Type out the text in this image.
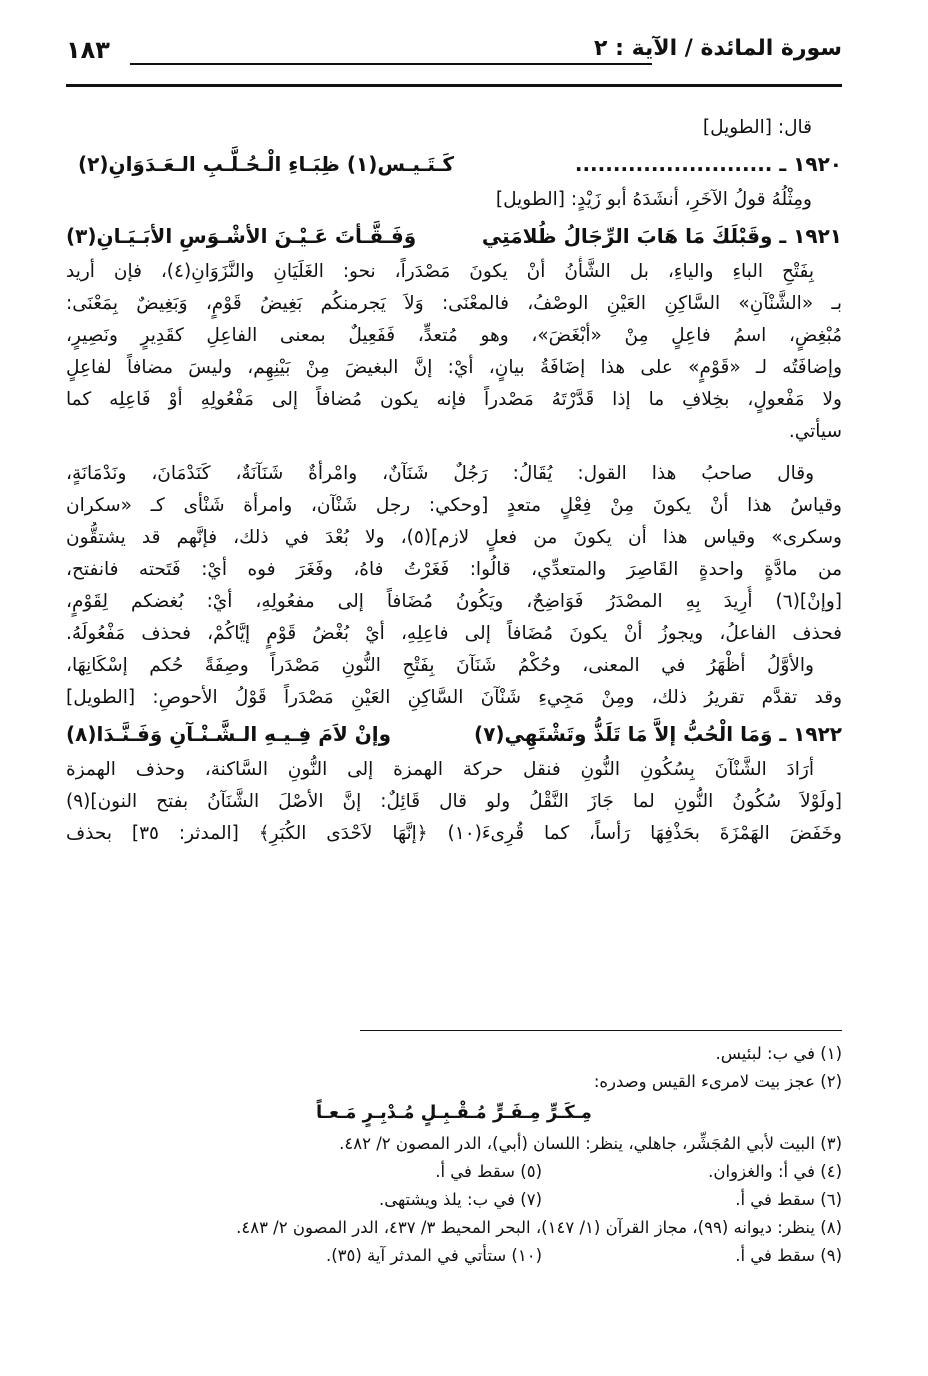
سورة المائدة / الآية : ٢
١٨٣
قال: [الطويل]
١٩٢٠ ـ ..........................
كَـتَـيـس(١) ظِبَـاءِ الْـحُـلَّـبِ الـعَـدَوَانِ(٢)
ومِثْلُهُ قولُ الآخَرِ، أنشَدَهُ أبو زَيْدٍ: [الطويل]
١٩٢١ ـ وقَبْلَكَ مَا هَابَ الرِّجَالُ ظُلامَتِي
وَفَـقَّـأتَ عَـيْـنَ الأشْـوَسِ الأبَـيَـانِ(٣)
بِفَتْحِ الباءِ والياءِ، بل الشَّأْنُ أنْ يكونَ مَصْدَراً، نحو: الغَلَيَانِ والنَّزَوَانِ(٤)، فإن أريد
بـ «الشَّنْآنِ» السَّاكِنِ العَيْنِ الوصْفُ، فالمعْنَى: وَلاَ يَجرمنكُم بَغِيضُ قَوْمٍ، وَبَغِيضٌ بِمَعْنَى:
مُبْغِضٍ، اسمُ فاعِلٍ مِنْ «أبْغَضَ»، وهو مُتعدٍّ، فَفَعِيلٌ بمعنى الفاعِلِ كقَدِيرٍ ونَصِيرٍ،
وإضافَتُه لـ «قَوْمٍ» على هذا إضَافَةُ بيانٍ، أيْ: إنَّ البغيضَ مِنْ بَيْنِهِم، وليسَ مضافاً لفاعِلٍ
ولا مَفْعولٍ، بخِلافِ ما إذا قَدَّرْتَهُ مَصْدراً فإنه يكون مُضافاً إلى مَفْعُولِهِ أوْ فَاعِلِه كما
سيأتي.
وقال صاحبُ هذا القول: يُقَالُ: رَجُلٌ شَنَآنٌ، وامْرأةٌ شَنَآنَةٌ، كَنَدْمَانَ، ونَدْمَانَةٍ،
وقياسُ هذا أنْ يكونَ مِنْ فِعْلٍ متعدٍ [وحكي: رجل شَنْآن، وامرأة شَنْأى كـ «سكران
وسكرى» وقياس هذا أن يكونَ من فعلٍ لازم](٥)، ولا بُعْدَ في ذلك، فإنَّهم قد يشتقُّون
من مادَّةٍ واحدةٍ القَاصِرَ والمتعدِّي، قالُوا: فَغَرْتُ فاهُ، وفَغَرَ فوه أيْ: فَتَحته فانفتح،
[وإنْ](٦) أُرِيدَ بِهِ المصْدَرُ فَوَاضِحٌ، ويَكُونُ مُضَافاً إلى مفعُولِهِ، أيْ: بُغضكم لِقَوْمٍ،
فحذف الفاعلُ، ويجوزُ أنْ يكونَ مُضَافاً إلى فاعِلِهِ، أيْ بُغْضُ قَوْمٍ إيَّاكُمْ، فحذف مَفْعُولَهُ.
والأوَّلُ أظْهَرُ في المعنى، وحُكْمُ شَنَآنَ بِفَتْحِ النُّونِ مَصْدَراً وصِفَةً حُكم إسْكَانِهَا،
وقد تقدَّم تقريرُ ذلك، ومِنْ مَجِيءِ شَنْآنَ السَّاكِنِ العَيْنِ مَصْدَراً قَوْلُ الأحوصِ: [الطويل]
١٩٢٢ ـ وَمَا الْحُبُّ إلاَّ مَا تَلَذُّ وتَشْتَهِي(٧)
وإنْ لاَمَ فِـيـهِ الـشَّـنْـآنِ وَفَـنَّـدَا(٨)
أرَادَ الشَّنْآنَ بِسُكُونِ النُّونِ فنقل حركة الهمزة إلى النُّونِ السَّاكنة، وحذف الهمزة
[ولَوْلاَ سُكُونُ النُّونِ لما جَازَ النَّقْلُ ولو قال قَائِلٌ: إنَّ الأصْلَ الشَّنَآنُ بفتح النون](٩)
وخَفَضَ الهَمْزَةَ بحَذْفِهَا رَأساً، كما قُرِىءَ(١٠) ﴿إنَّهَا لاَحْدَى الكُبَرِ﴾ [المدثر: ٣٥] بحذف
(١) في ب: لبئيس.
(٢) عجز بيت لامرىء القيس وصدره:
مِـكَـرٍّ مِـفَـرٍّ مُـقْـبِـلٍ مُـدْبِـرٍ مَـعـاً
(٣) البيت لأبي المُجَشِّر، جاهلي، ينظر: اللسان (أبي)، الدر المصون ٢/ ٤٨٢.
(٤) في أ: والغزوان.
(٥) سقط في أ.
(٦) سقط في أ.
(٧) في ب: يلذ ويشتهى.
(٨) ينظر: ديوانه (٩٩)، مجاز القرآن (١/ ١٤٧)، البحر المحيط ٣/ ٤٣٧، الدر المصون ٢/ ٤٨٣.
(٩) سقط في أ.
(١٠) ستأتي في المدثر آية (٣٥).
